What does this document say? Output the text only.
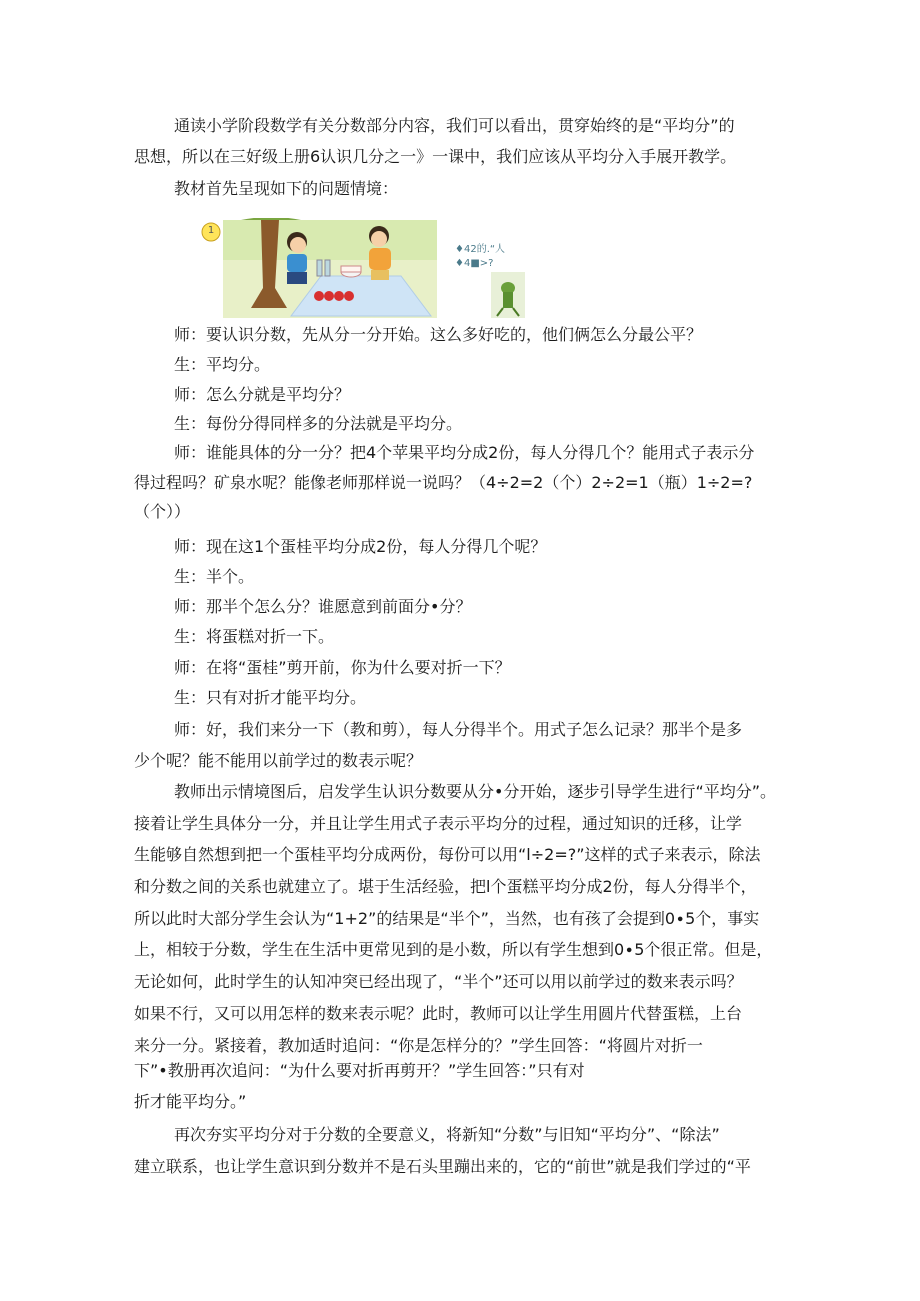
通读小学阶段数学有关分数部分内容，我们可以看出，贯穿始终的是“平均分”的
思想，所以在三好级上册6认识几分之一》一课中，我们应该从平均分入手展开教学。
教材首先呈现如下的问题情境：
1
♦42的.“人
♦4■>?
师：要认识分数，先从分一分开始。这么多好吃的，他们俩怎么分最公平？
生：平均分。
师：怎么分就是平均分？
生：每份分得同样多的分法就是平均分。
师：谁能具体的分一分？把4个苹果平均分成2份，每人分得几个？能用式子表示分
得过程吗？矿泉水呢？能像老师那样说一说吗？（4÷2=2（个）2÷2=1（瓶）1÷2=?
（个））
师：现在这1个蛋桂平均分成2份，每人分得几个呢？
生：半个。
师：那半个怎么分？谁愿意到前面分•分？
生：将蛋糕对折一下。
师：在将“蛋桂”剪开前，你为什么要对折一下？
生：只有对折才能平均分。
师：好，我们来分一下（教和剪），每人分得半个。用式子怎么记录？那半个是多
少个呢？能不能用以前学过的数表示呢？
教师出示情境图后，启发学生认识分数要从分•分开始，逐步引导学生进行“平均分”。
接着让学生具体分一分，并且让学生用式子表示平均分的过程，通过知识的迁移，让学
生能够自然想到把一个蛋桂平均分成两份，每份可以用“l÷2=?”这样的式子来表示，除法
和分数之间的关系也就建立了。堪于生活经验，把l个蛋糕平均分成2份，每人分得半个，
所以此时大部分学生会认为“1+2”的结果是“半个”，当然，也有孩了会提到0∙5个，事实
上，相较于分数，学生在生活中更常见到的是小数，所以有学生想到0∙5个很正常。但是，
无论如何，此时学生的认知冲突已经出现了，“半个”还可以用以前学过的数来表示吗？
如果不行，又可以用怎样的数来表示呢？此时，教师可以让学生用圆片代替蛋糕，上台
来分一分。紧接着，教加适时追问：“你是怎样分的？”学生回答：“将圆片对折一
下”•教册再次追问：“为什么要对折再剪开？”学生回答：”只有对
折才能平均分。”
再次夯实平均分对于分数的全要意义，将新知“分数”与旧知“平均分”、“除法”
建立联系，也让学生意识到分数并不是石头里蹦出来的，它的“前世”就是我们学过的“平
